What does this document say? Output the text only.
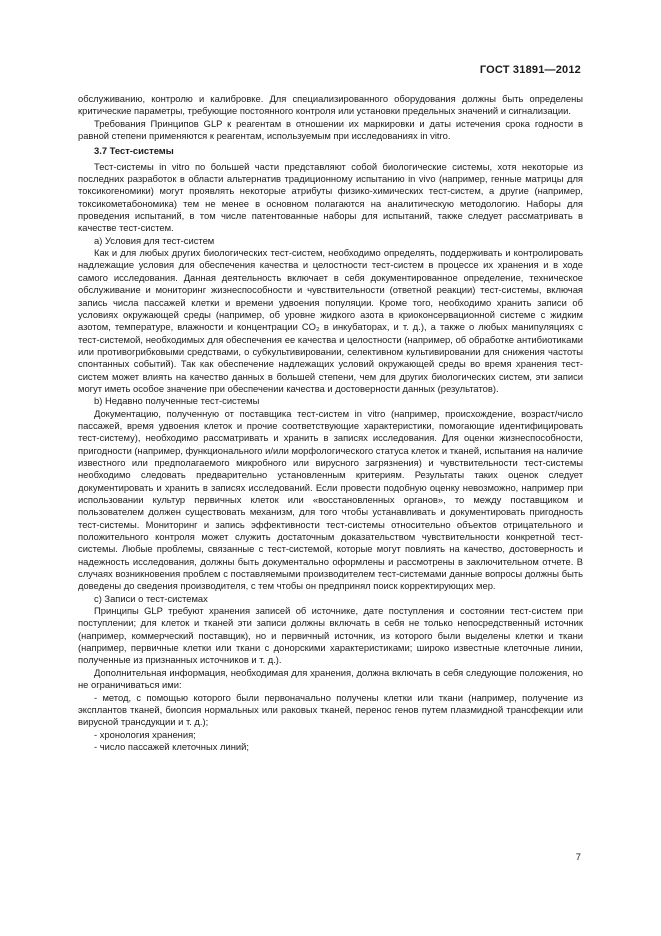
ГОСТ 31891—2012

обслуживанию, контролю и калибровке. Для специализированного оборудования должны быть определены критические параметры, требующие постоянного контроля или установки предельных значений и сигнализации.

Требования Принципов GLP к реагентам в отношении их маркировки и даты истечения срока годности в равной степени применяются к реагентам, используемым при исследованиях in vitro.

3.7 Тест-системы

Тест-системы in vitro по большей части представляют собой биологические системы, хотя некоторые из последних разработок в области альтернатив традиционному испытанию in vivo (например, генные матрицы для токсикогеномики) могут проявлять некоторые атрибуты физико-химических тест-систем, а другие (например, токсикометабономика) тем не менее в основном полагаются на аналитическую методологию. Наборы для проведения испытаний, в том числе патентованные наборы для испытаний, также следует рассматривать в качестве тест-систем.

a) Условия для тест-систем

Как и для любых других биологических тест-систем, необходимо определять, поддерживать и контролировать надлежащие условия для обеспечения качества и целостности тест-систем в процессе их хранения и в ходе самого исследования. Данная деятельность включает в себя документированное определение, техническое обслуживание и мониторинг жизнеспособности и чувствительности (ответной реакции) тест-системы, включая запись числа пассажей клетки и времени удвоения популяции. Кроме того, необходимо хранить записи об условиях окружающей среды (например, об уровне жидкого азота в криоконсервационной системе с жидким азотом, температуре, влажности и концентрации CO₂ в инкубаторах, и т. д.), а также о любых манипуляциях с тест-системой, необходимых для обеспечения ее качества и целостности (например, об обработке антибиотиками или противогрибковыми средствами, о субкультивировании, селективном культивировании для снижения частоты спонтанных событий). Так как обеспечение надлежащих условий окружающей среды во время хранения тест-систем может влиять на качество данных в большей степени, чем для других биологических систем, эти записи могут иметь особое значение при обеспечении качества и достоверности данных (результатов).

b) Недавно полученные тест-системы

Документацию, полученную от поставщика тест-систем in vitro (например, происхождение, возраст/число пассажей, время удвоения клеток и прочие соответствующие характеристики, помогающие идентифицировать тест-систему), необходимо рассматривать и хранить в записях исследования. Для оценки жизнеспособности, пригодности (например, функционального и/или морфологического статуса клеток и тканей, испытания на наличие известного или предполагаемого микробного или вирусного загрязнения) и чувствительности тест-системы необходимо следовать предварительно установленным критериям. Результаты таких оценок следует документировать и хранить в записях исследований. Если провести подобную оценку невозможно, например при использовании культур первичных клеток или «восстановленных органов», то между поставщиком и пользователем должен существовать механизм, для того чтобы устанавливать и документировать пригодность тест-системы. Мониторинг и запись эффективности тест-системы относительно объектов отрицательного и положительного контроля может служить достаточным доказательством чувствительности конкретной тест-системы. Любые проблемы, связанные с тест-системой, которые могут повлиять на качество, достоверность и надежность исследования, должны быть документально оформлены и рассмотрены в заключительном отчете. В случаях возникновения проблем с поставляемыми производителем тест-системами данные вопросы должны быть доведены до сведения производителя, с тем чтобы он предпринял поиск корректирующих мер.

c) Записи о тест-системах

Принципы GLP требуют хранения записей об источнике, дате поступления и состоянии тест-систем при поступлении; для клеток и тканей эти записи должны включать в себя не только непосредственный источник (например, коммерческий поставщик), но и первичный источник, из которого были выделены клетки и ткани (например, первичные клетки или ткани с донорскими характеристиками; широко известные клеточные линии, полученные из признанных источников и т. д.).

Дополнительная информация, необходимая для хранения, должна включать в себя следующие положения, но не ограничиваться ими:

- метод, с помощью которого были первоначально получены клетки или ткани (например, получение из эксплантов тканей, биопсия нормальных или раковых тканей, перенос генов путем плазмидной трансфекции или вирусной трансдукции и т. д.);

- хронология хранения;

- число пассажей клеточных линий;

7
